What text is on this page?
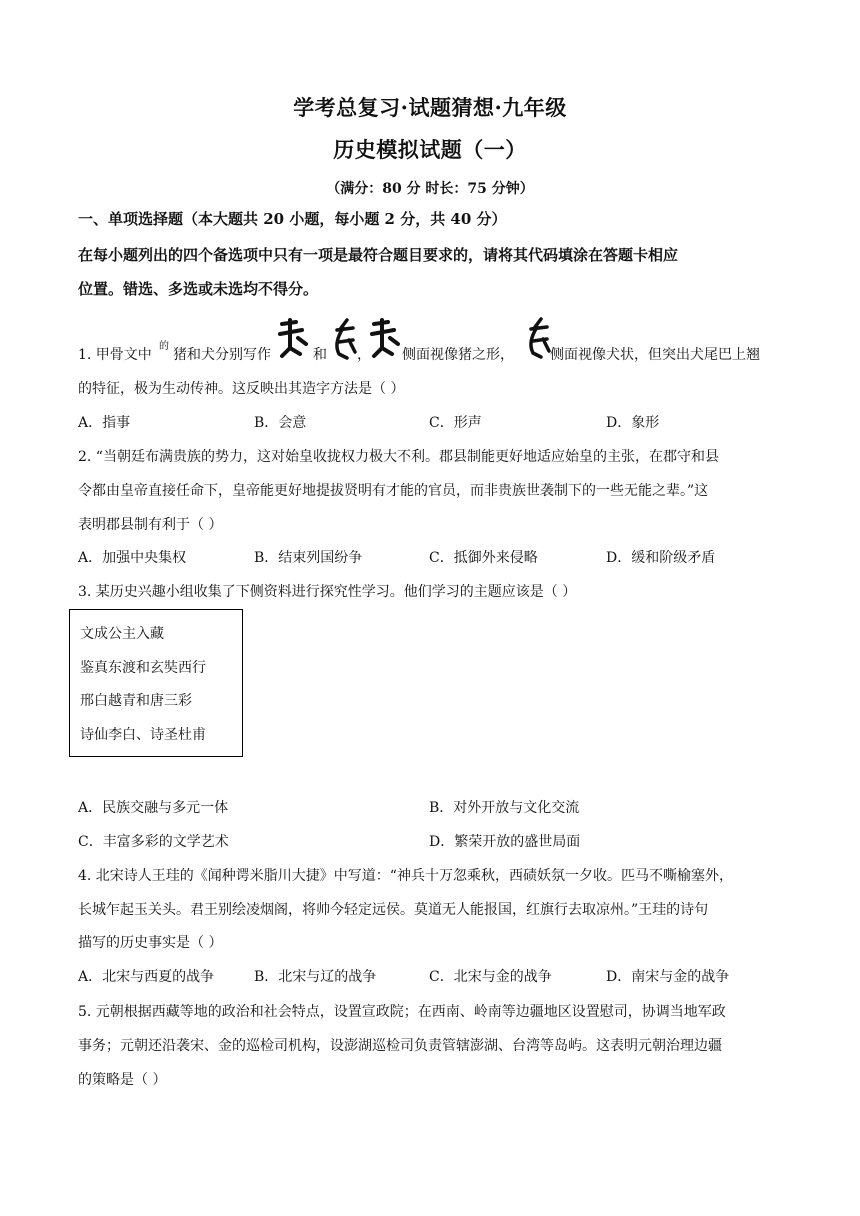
学考总复习·试题猜想·九年级
历史模拟试题（一）
（满分：80 分 时长：75 分钟）
一、单项选择题（本大题共 20 小题，每小题 2 分，共 40 分）
在每小题列出的四个备选项中只有一项是最符合题目要求的，请将其代码填涂在答题卡相应
位置。错选、多选或未选均不得分。
1. 甲骨文中
的
猪和犬分别写作	和 ， 侧面视像猪之形，	侧面视像犬状，但突出犬尾巴上翘
的特征，极为生动传神。这反映出其造字方法是（ ）
A．指事	B．会意	C．形声	D．象形
2. “当朝廷布满贵族的势力，这对始皇收拢权力极大不利。郡县制能更好地适应始皇的主张，在郡守和县
令都由皇帝直接任命下，皇帝能更好地提拔贤明有才能的官员，而非贵族世袭制下的一些无能之辈。”这
表明郡县制有利于（ ）
A．加强中央集权	B．结束列国纷争	C．抵御外来侵略	D．缓和阶级矛盾
3. 某历史兴趣小组收集了下侧资料进行探究性学习。他们学习的主题应该是（ ）
文成公主入藏
鉴真东渡和玄奘西行
邢白越青和唐三彩
诗仙李白、诗圣杜甫
A．民族交融与多元一体	B．对外开放与文化交流
C．丰富多彩的文学艺术	D．繁荣开放的盛世局面
4. 北宋诗人王珪的《闻种谔米脂川大捷》中写道：“神兵十万忽乘秋，西碛妖氛一夕收。匹马不嘶榆塞外，
长城乍起玉关头。君王别绘凌烟阁，将帅今轻定远侯。莫道无人能报国，红旗行去取凉州。”王珪的诗句
描写的历史事实是（ ）
A．北宋与西夏的战争	B．北宋与辽的战争	C．北宋与金的战争	D．南宋与金的战争
5. 元朝根据西藏等地的政治和社会特点，设置宣政院；在西南、岭南等边疆地区设置慰司，协调当地军政
事务；元朝还沿袭宋、金的巡检司机构，设澎湖巡检司负责管辖澎湖、台湾等岛屿。这表明元朝治理边疆
的策略是（ ）
